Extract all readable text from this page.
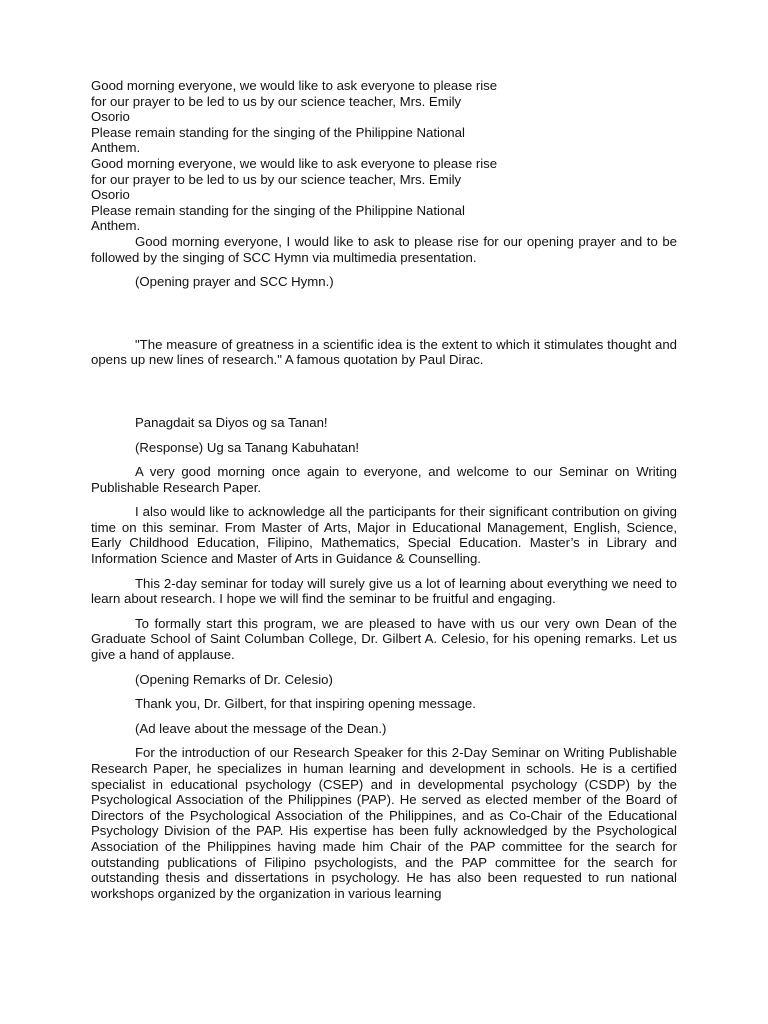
Good morning everyone, we would like to ask everyone to please rise

for our prayer to be led to us by our science teacher, Mrs. Emily

Osorio

Please remain standing for the singing of the Philippine National

Anthem.

Good morning everyone, we would like to ask everyone to please rise

for our prayer to be led to us by our science teacher, Mrs. Emily

Osorio

Please remain standing for the singing of the Philippine National

Anthem.

Good morning everyone, I would like to ask to please rise for our opening prayer and to be followed by the singing of SCC Hymn via multimedia presentation.

(Opening prayer and SCC Hymn.)

"The measure of greatness in a scientific idea is the extent to which it stimulates thought and opens up new lines of research." A famous quotation by Paul Dirac.

Panagdait sa Diyos og sa Tanan!

(Response) Ug sa Tanang Kabuhatan!

A very good morning once again to everyone, and welcome to our Seminar on Writing Publishable Research Paper.

I also would like to acknowledge all the participants for their significant contribution on giving time on this seminar. From Master of Arts, Major in Educational Management, English, Science, Early Childhood Education, Filipino, Mathematics, Special Education. Master’s in Library and Information Science and Master of Arts in Guidance & Counselling.

This 2-day seminar for today will surely give us a lot of learning about everything we need to learn about research. I hope we will find the seminar to be fruitful and engaging.

To formally start this program, we are pleased to have with us our very own Dean of the Graduate School of Saint Columban College, Dr. Gilbert A. Celesio, for his opening remarks. Let us give a hand of applause.

(Opening Remarks of Dr. Celesio)

Thank you, Dr. Gilbert, for that inspiring opening message.

(Ad leave about the message of the Dean.)

For the introduction of our Research Speaker for this 2-Day Seminar on Writing Publishable Research Paper, he specializes in human learning and development in schools. He is a certified specialist in educational psychology (CSEP) and in developmental psychology (CSDP) by the Psychological Association of the Philippines (PAP). He served as elected member of the Board of Directors of the Psychological Association of the Philippines, and as Co-Chair of the Educational Psychology Division of the PAP. His expertise has been fully acknowledged by the Psychological Association of the Philippines having made him Chair of the PAP committee for the search for outstanding publications of Filipino psychologists, and the PAP committee for the search for outstanding thesis and dissertations in psychology. He has also been requested to run national workshops organized by the organization in various learning
